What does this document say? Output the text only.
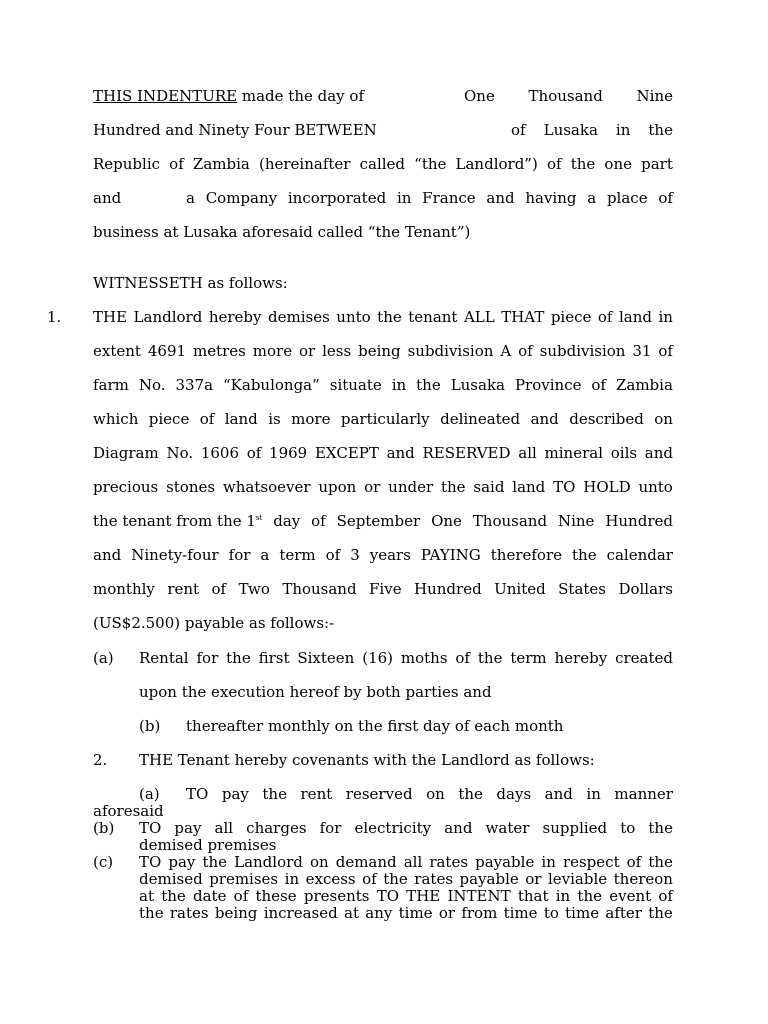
THIS INDENTURE made the day of	One Thousand Nine
Hundred and Ninety Four BETWEEN	of Lusaka in the
Republic of Zambia (hereinafter called “the Landlord”) of the one part
and	a Company incorporated in France and having a place of
business at Lusaka aforesaid called “the Tenant”)
WITNESSETH as follows:
1. THE Landlord hereby demises unto the tenant ALL THAT piece of land in
extent 4691 metres more or less being subdivision A of subdivision 31 of
farm No. 337a “Kabulonga” situate in the Lusaka Province of Zambia
which piece of land is more particularly delineated and described on
Diagram No. 1606 of 1969 EXCEPT and RESERVED all mineral oils and
precious stones whatsoever upon or under the said land TO HOLD unto
the tenant from the 1st day of September One Thousand Nine Hundred
and Ninety-four for a term of 3 years PAYING therefore the calendar
monthly rent of Two Thousand Five Hundred United States Dollars
(US$2.500) payable as follows:-
(a) Rental for the first Sixteen (16) moths of the term hereby created
upon the execution hereof by both parties and
(b) thereafter monthly on the first day of each month
2. THE Tenant hereby covenants with the Landlord as follows:
(a) TO pay the rent reserved on the days and in manner
aforesaid
(b) TO pay all charges for electricity and water supplied to the
demised premises
(c) TO pay the Landlord on demand all rates payable in respect of the
demised premises in excess of the rates payable or leviable thereon
at the date of these presents TO THE INTENT that in the event of
the rates being increased at any time or from time to time after the
